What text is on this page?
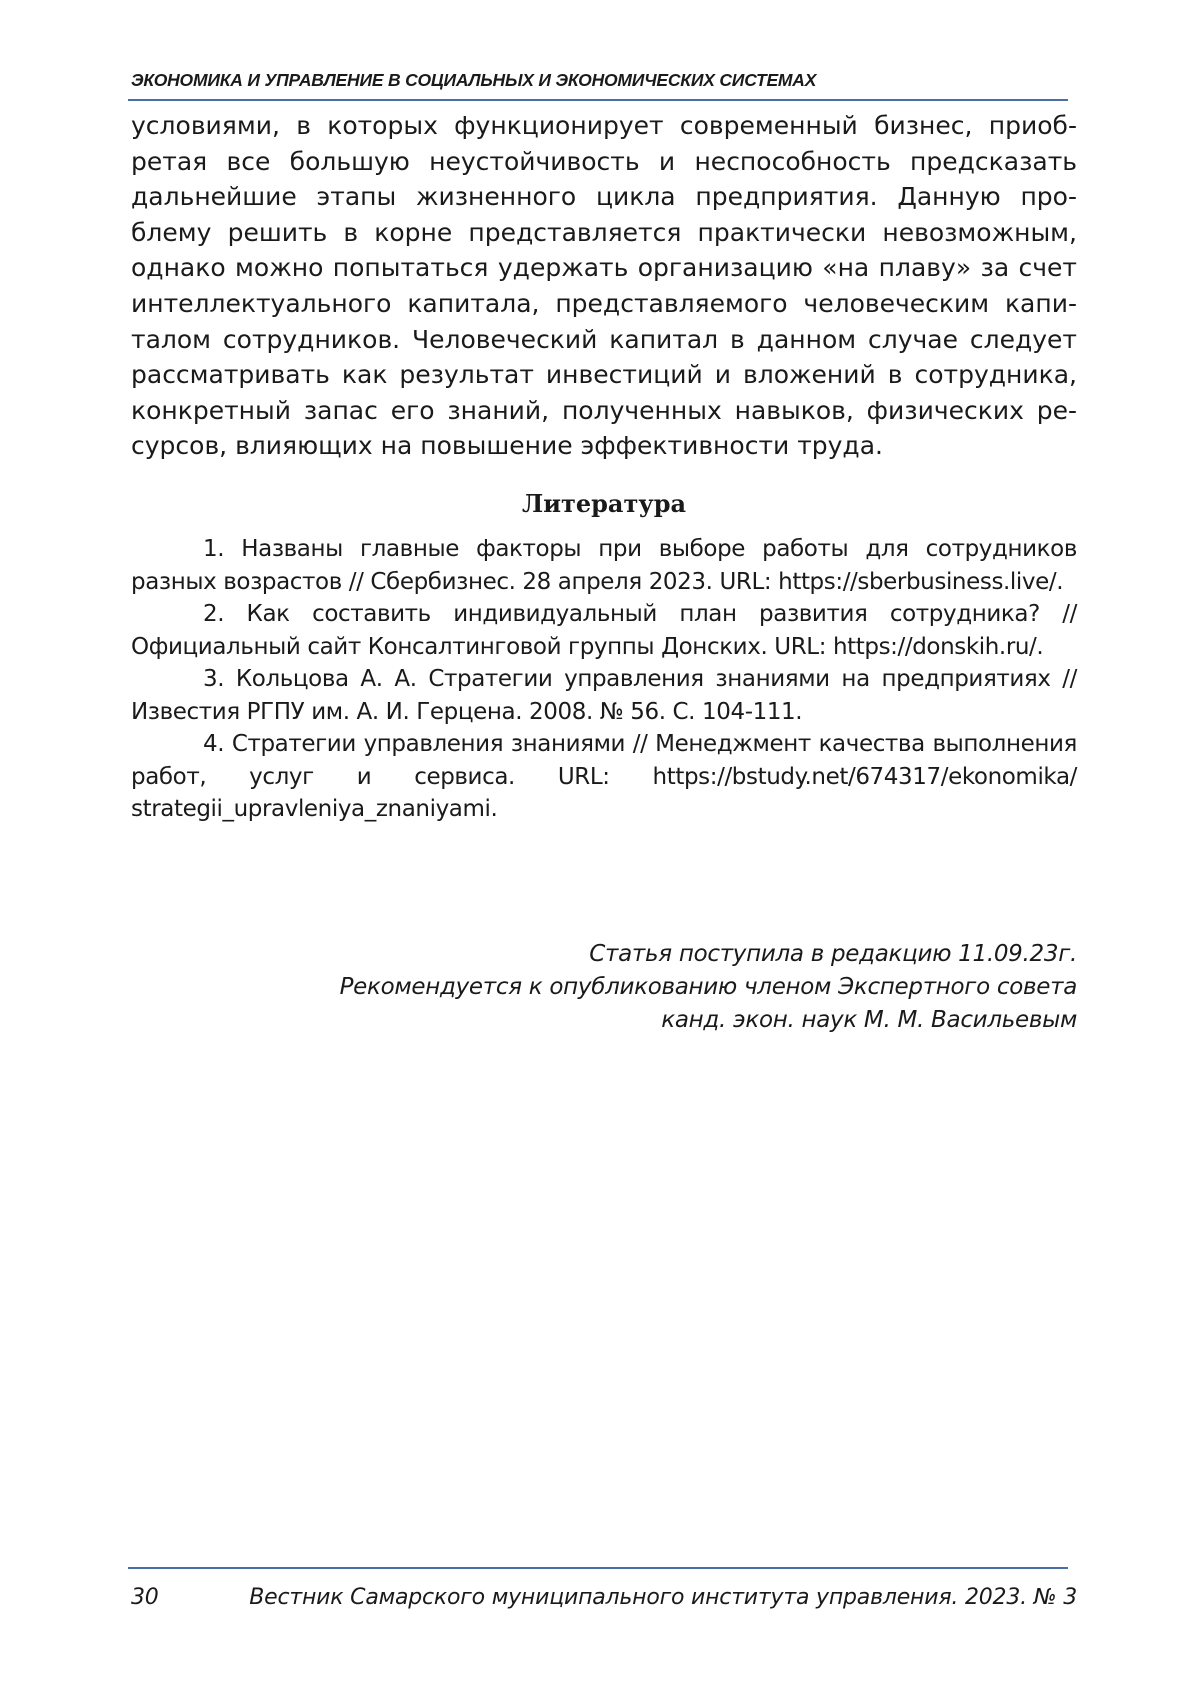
ЭКОНОМИКА И УПРАВЛЕНИЕ В СОЦИАЛЬНЫХ И ЭКОНОМИЧЕСКИХ СИСТЕМАХ

условиями, в которых функционирует современный бизнес, приобретая все большую неустойчивость и неспособность предсказать дальнейшие этапы жизненного цикла предприятия. Данную проблему решить в корне представляется практически невозможным, однако можно попытаться удержать организацию «на плаву» за счет интеллектуального капитала, представляемого человеческим капиталом сотрудников. Человеческий капитал в данном случае следует рассматривать как результат инвестиций и вложений в сотрудника, конкретный запас его знаний, полученных навыков, физических ресурсов, влияющих на повышение эффективности труда.

Литература
1. Названы главные факторы при выборе работы для сотрудников разных возрастов // Сбербизнес. 28 апреля 2023. URL: https://sberbusiness.live/.
2. Как составить индивидуальный план развития сотрудника? // Официальный сайт Консалтинговой группы Донских. URL: https://donskih.ru/.
3. Кольцова А. А. Стратегии управления знаниями на предприятиях // Известия РГПУ им. А. И. Герцена. 2008. № 56. С. 104-111.
4. Стратегии управления знаниями // Менеджмент качества выполнения работ, услуг и сервиса. URL: https://bstudy.net/674317/ekonomika/ strategii_upravleniya_znaniyami.
Статья поступила в редакцию 11.09.23г.
Рекомендуется к опубликованию членом Экспертного совета
канд. экон. наук М. М. Васильевым
30	Вестник Самарского муниципального института управления. 2023. № 3
